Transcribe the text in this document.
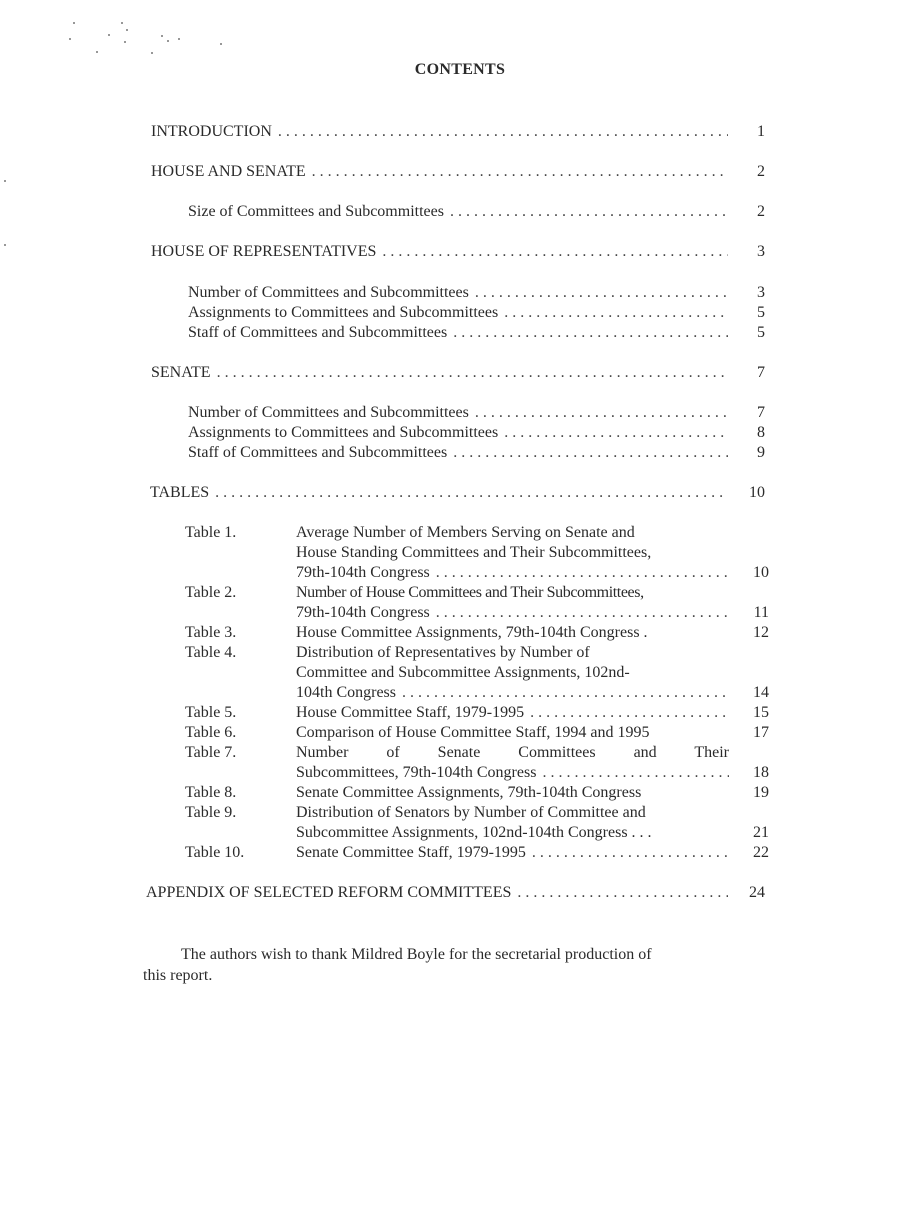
CONTENTS
INTRODUCTION . . .	1
HOUSE AND SENATE . . .	2
Size of Committees and Subcommittees . . .	2
HOUSE OF REPRESENTATIVES . . .	3
Number of Committees and Subcommittees . . .	3
Assignments to Committees and Subcommittees . . .	5
Staff of Committees and Subcommittees . . .	5
SENATE . . .	7
Number of Committees and Subcommittees . . .	7
Assignments to Committees and Subcommittees . . .	8
Staff of Committees and Subcommittees . . .	9
TABLES . . .	10
Table 1.	Average Number of Members Serving on Senate and
House Standing Committees and Their Subcommittees,
79th-104th Congress . . .	10
Table 2.	Number of House Committees and Their Subcommittees,
79th-104th Congress . . .	11
Table 3.	House Committee Assignments, 79th-104th Congress .	12
Table 4.	Distribution of Representatives by Number of
Committee and Subcommittee Assignments, 102nd-
104th Congress . . .	14
Table 5.	House Committee Staff, 1979-1995 . . .	15
Table 6.	Comparison of House Committee Staff, 1994 and 1995	17
Table 7.	Number of Senate Committees and Their
Subcommittees, 79th-104th Congress . . .	18
Table 8.	Senate Committee Assignments, 79th-104th Congress	19
Table 9.	Distribution of Senators by Number of Committee and
Subcommittee Assignments, 102nd-104th Congress . . .	21
Table 10.	Senate Committee Staff, 1979-1995 . . .	22
APPENDIX OF SELECTED REFORM COMMITTEES . . .	24
The authors wish to thank Mildred Boyle for the secretarial production of
this report.
